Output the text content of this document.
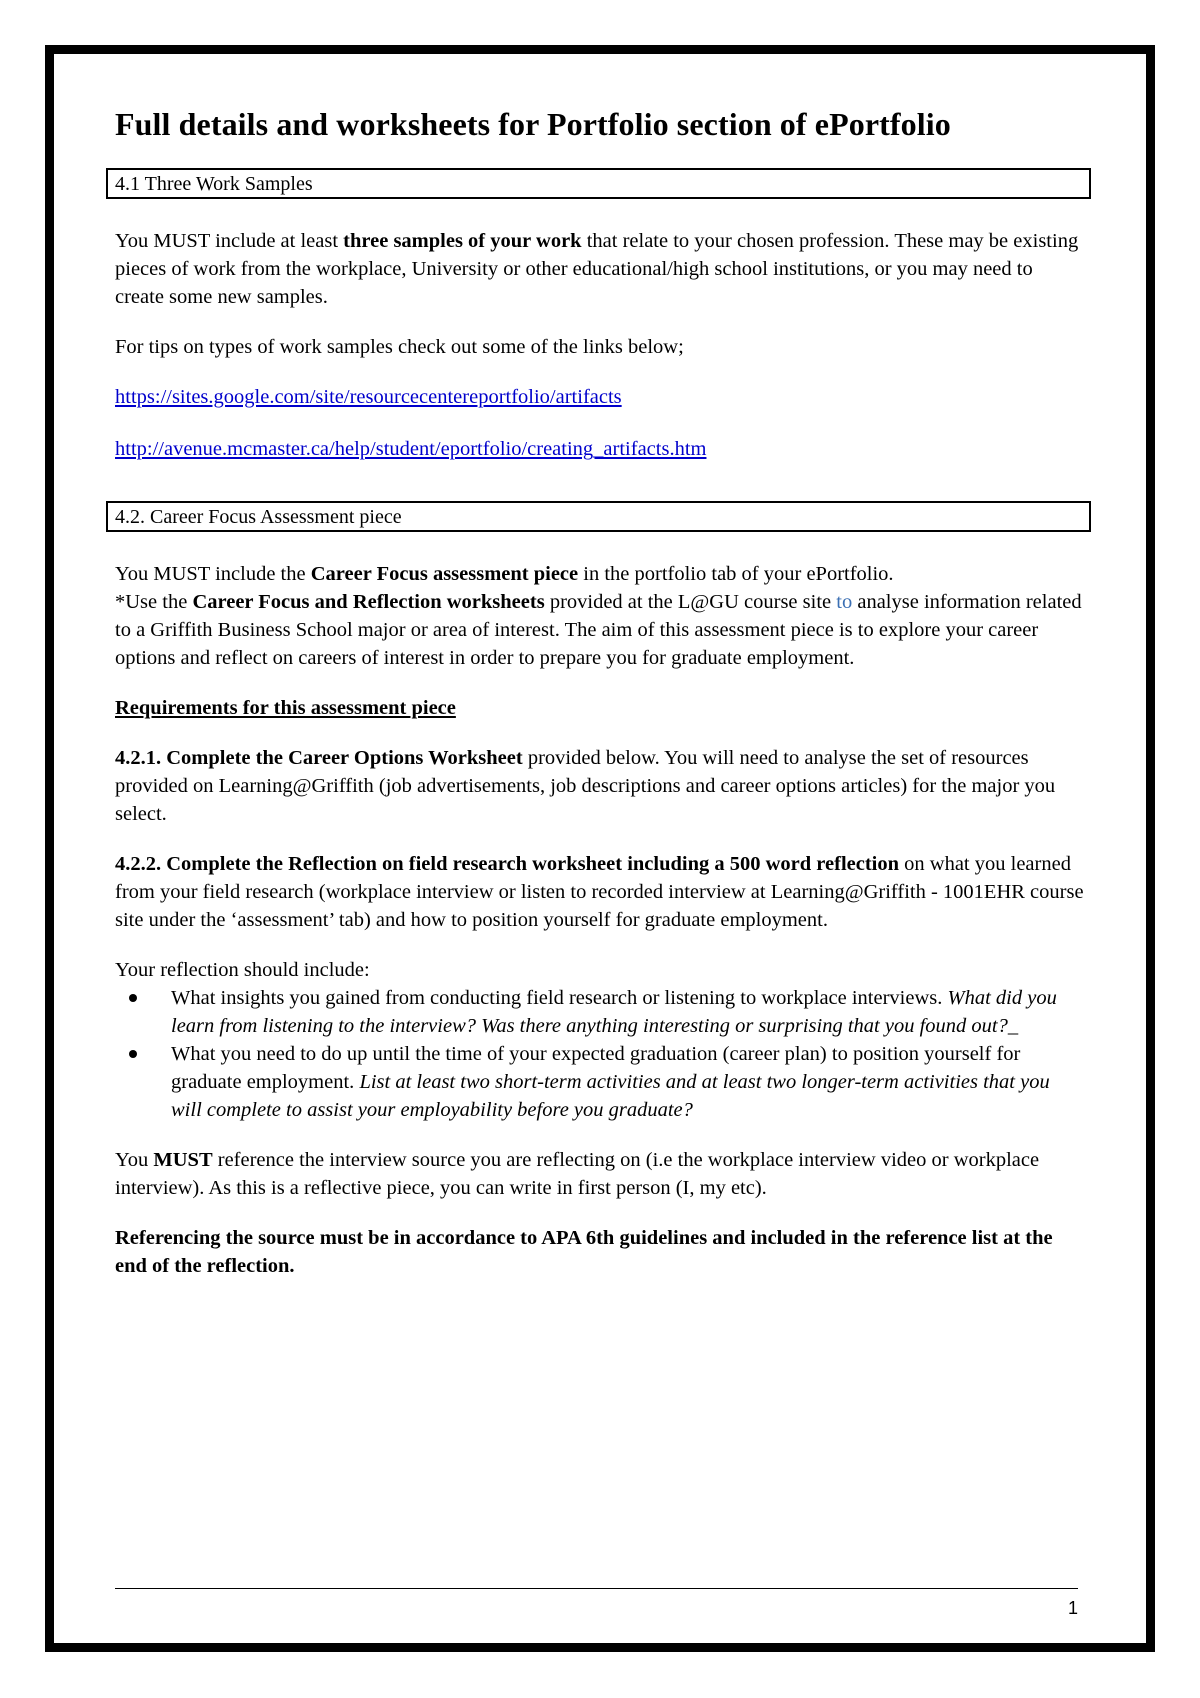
Full details and worksheets for Portfolio section of ePortfolio
4.1 Three Work Samples

You MUST include at least three samples of your work that relate to your chosen profession. These may be existing pieces of work from the workplace, University or other educational/high school institutions, or you may need to create some new samples.

For tips on types of work samples check out some of the links below;

https://sites.google.com/site/resourcecentereportfolio/artifacts

http://avenue.mcmaster.ca/help/student/eportfolio/creating_artifacts.htm

4.2. Career Focus Assessment piece

You MUST include the Career Focus assessment piece in the portfolio tab of your ePortfolio.
*Use the Career Focus and Reflection worksheets provided at the L@GU course site to analyse information related to a Griffith Business School major or area of interest. The aim of this assessment piece is to explore your career options and reflect on careers of interest in order to prepare you for graduate employment.

Requirements for this assessment piece

4.2.1. Complete the Career Options Worksheet provided below. You will need to analyse the set of resources provided on Learning@Griffith (job advertisements, job descriptions and career options articles) for the major you select.

4.2.2. Complete the Reflection on field research worksheet including a 500 word reflection on what you learned from your field research (workplace interview or listen to recorded interview at Learning@Griffith - 1001EHR course site under the ‘assessment’ tab) and how to position yourself for graduate employment.

Your reflection should include:

What insights you gained from conducting field research or listening to workplace interviews. What did you learn from listening to the interview? Was there anything interesting or surprising that you found out?_
What you need to do up until the time of your expected graduation (career plan) to position yourself for graduate employment. List at least two short-term activities and at least two longer-term activities that you will complete to assist your employability before you graduate?

You MUST reference the interview source you are reflecting on (i.e the workplace interview video or workplace interview). As this is a reflective piece, you can write in first person (I, my etc).

Referencing the source must be in accordance to APA 6th guidelines and included in the reference list at the end of the reflection.

1
